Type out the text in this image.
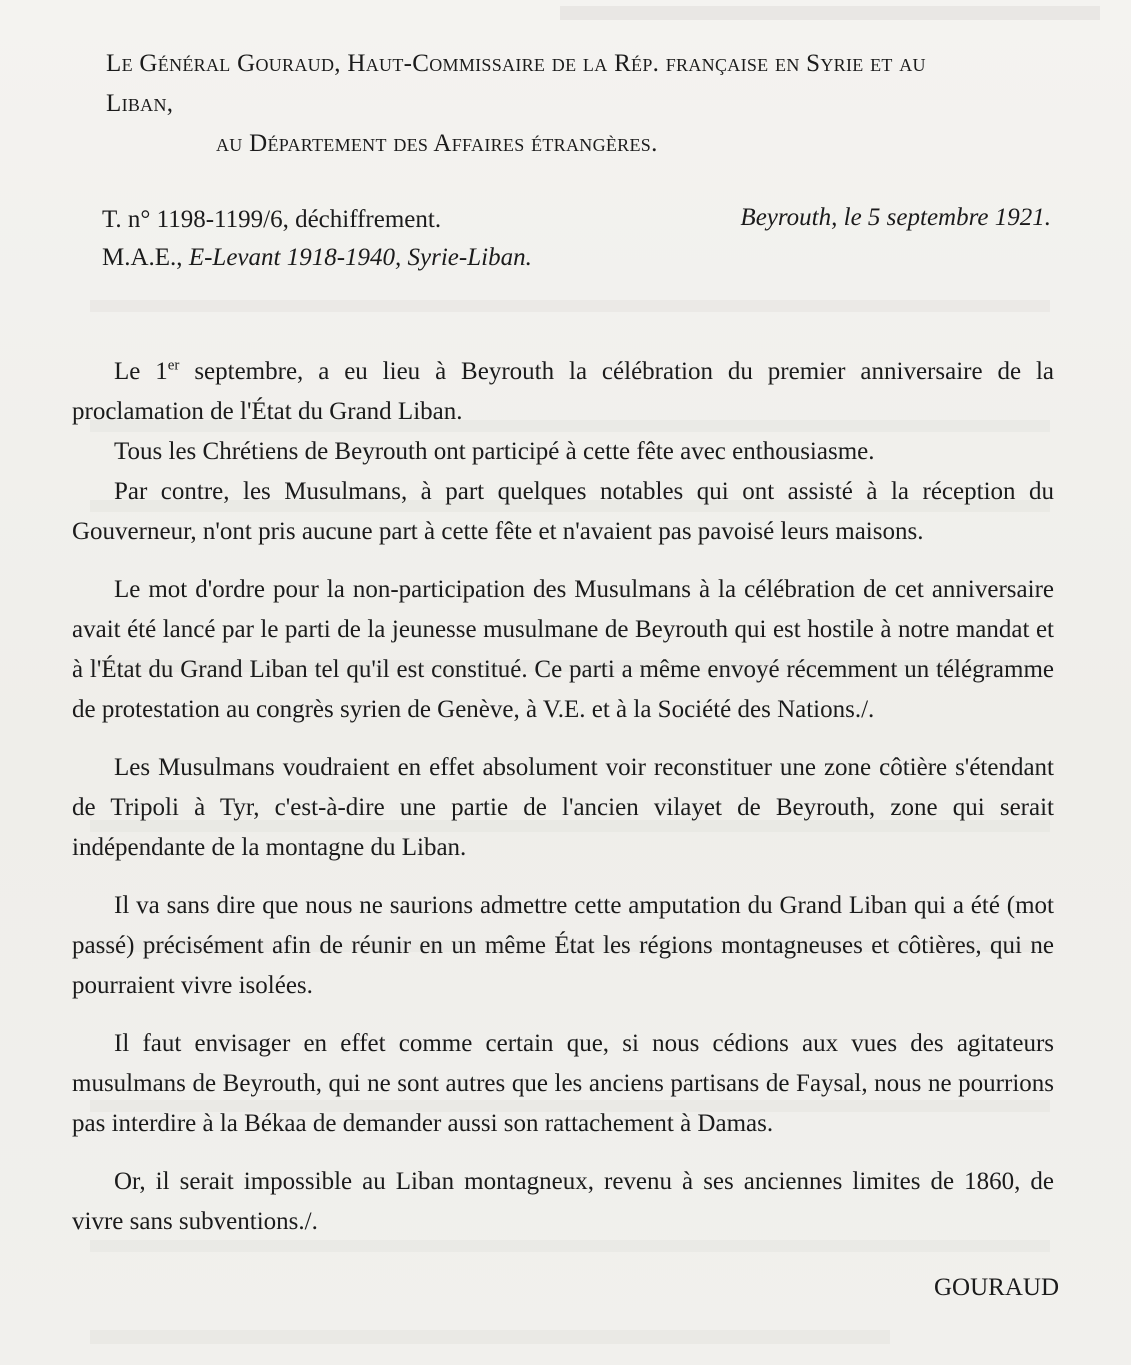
Le Général Gouraud, Haut-Commissaire de la Rép. française en Syrie et au
Liban,
au Département des Affaires étrangères.
T. n° 1198-1199/6, déchiffrement.	Beyrouth, le 5 septembre 1921.
M.A.E., E-Levant 1918-1940, Syrie-Liban.

Le 1er septembre, a eu lieu à Beyrouth la célébration du premier anniversaire de la proclamation de l'État du Grand Liban.

Tous les Chrétiens de Beyrouth ont participé à cette fête avec enthousiasme.

Par contre, les Musulmans, à part quelques notables qui ont assisté à la réception du Gouverneur, n'ont pris aucune part à cette fête et n'avaient pas pavoisé leurs maisons.

Le mot d'ordre pour la non-participation des Musulmans à la célébration de cet anniversaire avait été lancé par le parti de la jeunesse musulmane de Beyrouth qui est hostile à notre mandat et à l'État du Grand Liban tel qu'il est constitué. Ce parti a même envoyé récemment un télégramme de protestation au congrès syrien de Genève, à V.E. et à la Société des Nations./.

Les Musulmans voudraient en effet absolument voir reconstituer une zone côtière s'étendant de Tripoli à Tyr, c'est-à-dire une partie de l'ancien vilayet de Beyrouth, zone qui serait indépendante de la montagne du Liban.

Il va sans dire que nous ne saurions admettre cette amputation du Grand Liban qui a été (mot passé) précisément afin de réunir en un même État les régions montagneuses et côtières, qui ne pourraient vivre isolées.

Il faut envisager en effet comme certain que, si nous cédions aux vues des agitateurs musulmans de Beyrouth, qui ne sont autres que les anciens partisans de Faysal, nous ne pourrions pas interdire à la Békaa de demander aussi son rattachement à Damas.

Or, il serait impossible au Liban montagneux, revenu à ses anciennes limites de 1860, de vivre sans subventions./.

GOURAUD
